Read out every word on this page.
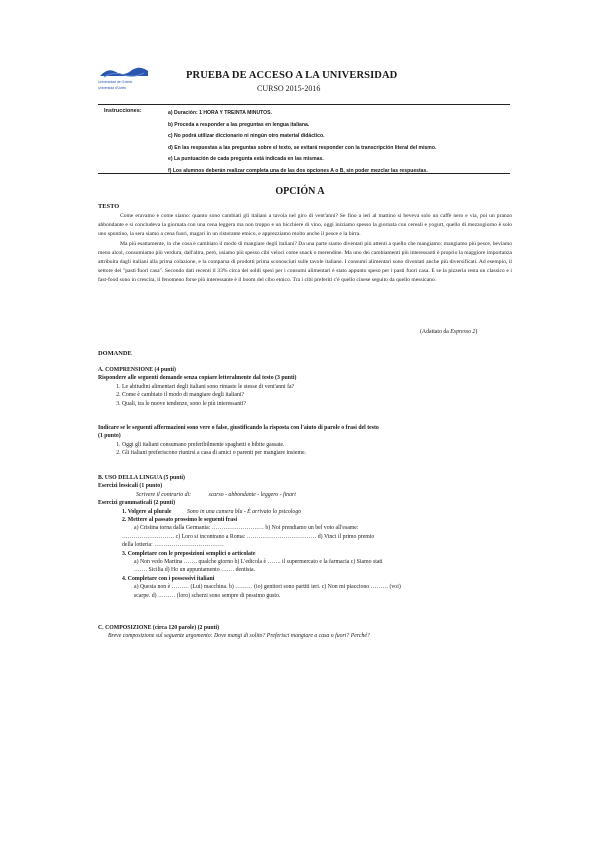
Universidad de Oviedo
Universidá d'Uviéu
PRUEBA DE ACCESO A LA UNIVERSIDAD
CURSO 2015-2016
Instrucciones:	a) Duración: 1 HORA Y TREINTA MINUTOS.
b) Proceda a responder a las preguntas en lengua italiana.
c) No podrá utilizar diccionario ni ningún otro material didáctico.
d) En las respuestas a las preguntas sobre el texto, se evitará responder con la transcripción literal del mismo.
e) La puntuación de cada pregunta está indicada en las mismas.
f) Los alumnos deberán realizar completa una de las dos opciones A o B, sin poder mezclar las respuestas.
OPCIÓN A
TESTO

Come eravamo e come siamo: quanto sono cambiati gli italiani a tavola nel giro di vent'anni? Se fino a ieri al mattino si beveva solo un caffè nero e via, poi un pranzo abbondante e si concludeva la giornata con una cena leggera ma non troppo e un bicchiere di vino, oggi iniziamo spesso la giornata con cereali e yogurt, quello di mezzogiorno è solo uno spuntino, la sera siamo a cena fuori, magari in un ristorante etnico, e apprezziamo molto anche il pesce e la birra.

Ma più esattamente, in che cosa è cambiato il modo di mangiare degli italiani? Da una parte siamo diventati più attenti a quello che mangiamo: mangiamo più pesce, beviamo meno alcol, consumiamo più verdura, dall'altra, però, usiamo più spesso cibi veloci come snack o merendine. Ma uno dei cambiamenti più interessanti è proprio la maggiore importanza attribuita dagli italiani alla prima colazione, e la comparsa di prodotti prima sconosciuti sulle tavole italiane. I consumi alimentari sono diventati anche più diversificati. Ad esempio, il settore dei "pasti fuori casa". Secondo dati recenti il 33% circa dei soldi spesi per i consumi alimentari è stato appunto speso per i pasti fuori casa. E se la pizzeria resta un classico e i fast-food sono in crescita, il fenomeno forse più interessante è il boom del cibo etnico. Tra i cibi preferiti c'è quello cinese seguito da quello messicano.

(Adattato da Espresso 2)
DOMANDE
A. COMPRENSIONE (4 punti)
Rispondere alle seguenti domande senza copiare letteralmente dal testo (3 punti)
1. Le abitudini alimentari degli italiani sono rimaste le stesse di vent'anni fa?
2. Come è cambiato il modo di mangiare degli italiani?
3. Quali, tra le nuove tendenze, sono le più interessanti?
Indicare se le seguenti affermazioni sono vere o false, giustificando la risposta con l'aiuto di parole o frasi del testo
(1 punto)
1. Oggi gli italiani consumano preferibilmente spaghetti e bibite gassate.
2. Gli italiani preferiscono riunirsi a casa di amici o parenti per mangiare insieme.
B. USO DELLA LINGUA (5 punti)
Esercizi lessicali (1 punto)
Scrivere il contrario di:	scarso - abbondante - leggero - finari
Esercizi grammaticali (2 punti)
1. Volgere al plurale	Sono in una camera blu - È arrivato lo psicologo
2. Mettere al passato prossimo le seguenti frasi
a) Cristina torna dalla Germania: ……………………… b) Noi prendiamo un bel voto all'esame:
……………………… c) Loro si incontrano a Roma: ……………………………… d) Vinci il primo premio
della lotteria: ………………………………
3. Completare con le preposizioni semplici o articolate
a) Non vedo Martina ……. qualche giorno b) L'edicola è ……. il supermercato e la farmacia c) Siamo stati
……. Sicilia d) Ho un appuntamento ……. dentista.
4. Completare con i possessivi italiani
a) Questa non è ……… (Lui) macchina. b) ……… (io) genitori sono partiti ieri. c) Non mi piacciono ……… (voi)
scarpe. d) ……… (loro) scherzi sono sempre di pessimo gusto.
C. COMPOSIZIONE (circa 120 parole) (2 punti)
Breve composizione sul seguente argomento: Dove mangi di solito? Preferisci mangiare a casa o fuori? Perché?
